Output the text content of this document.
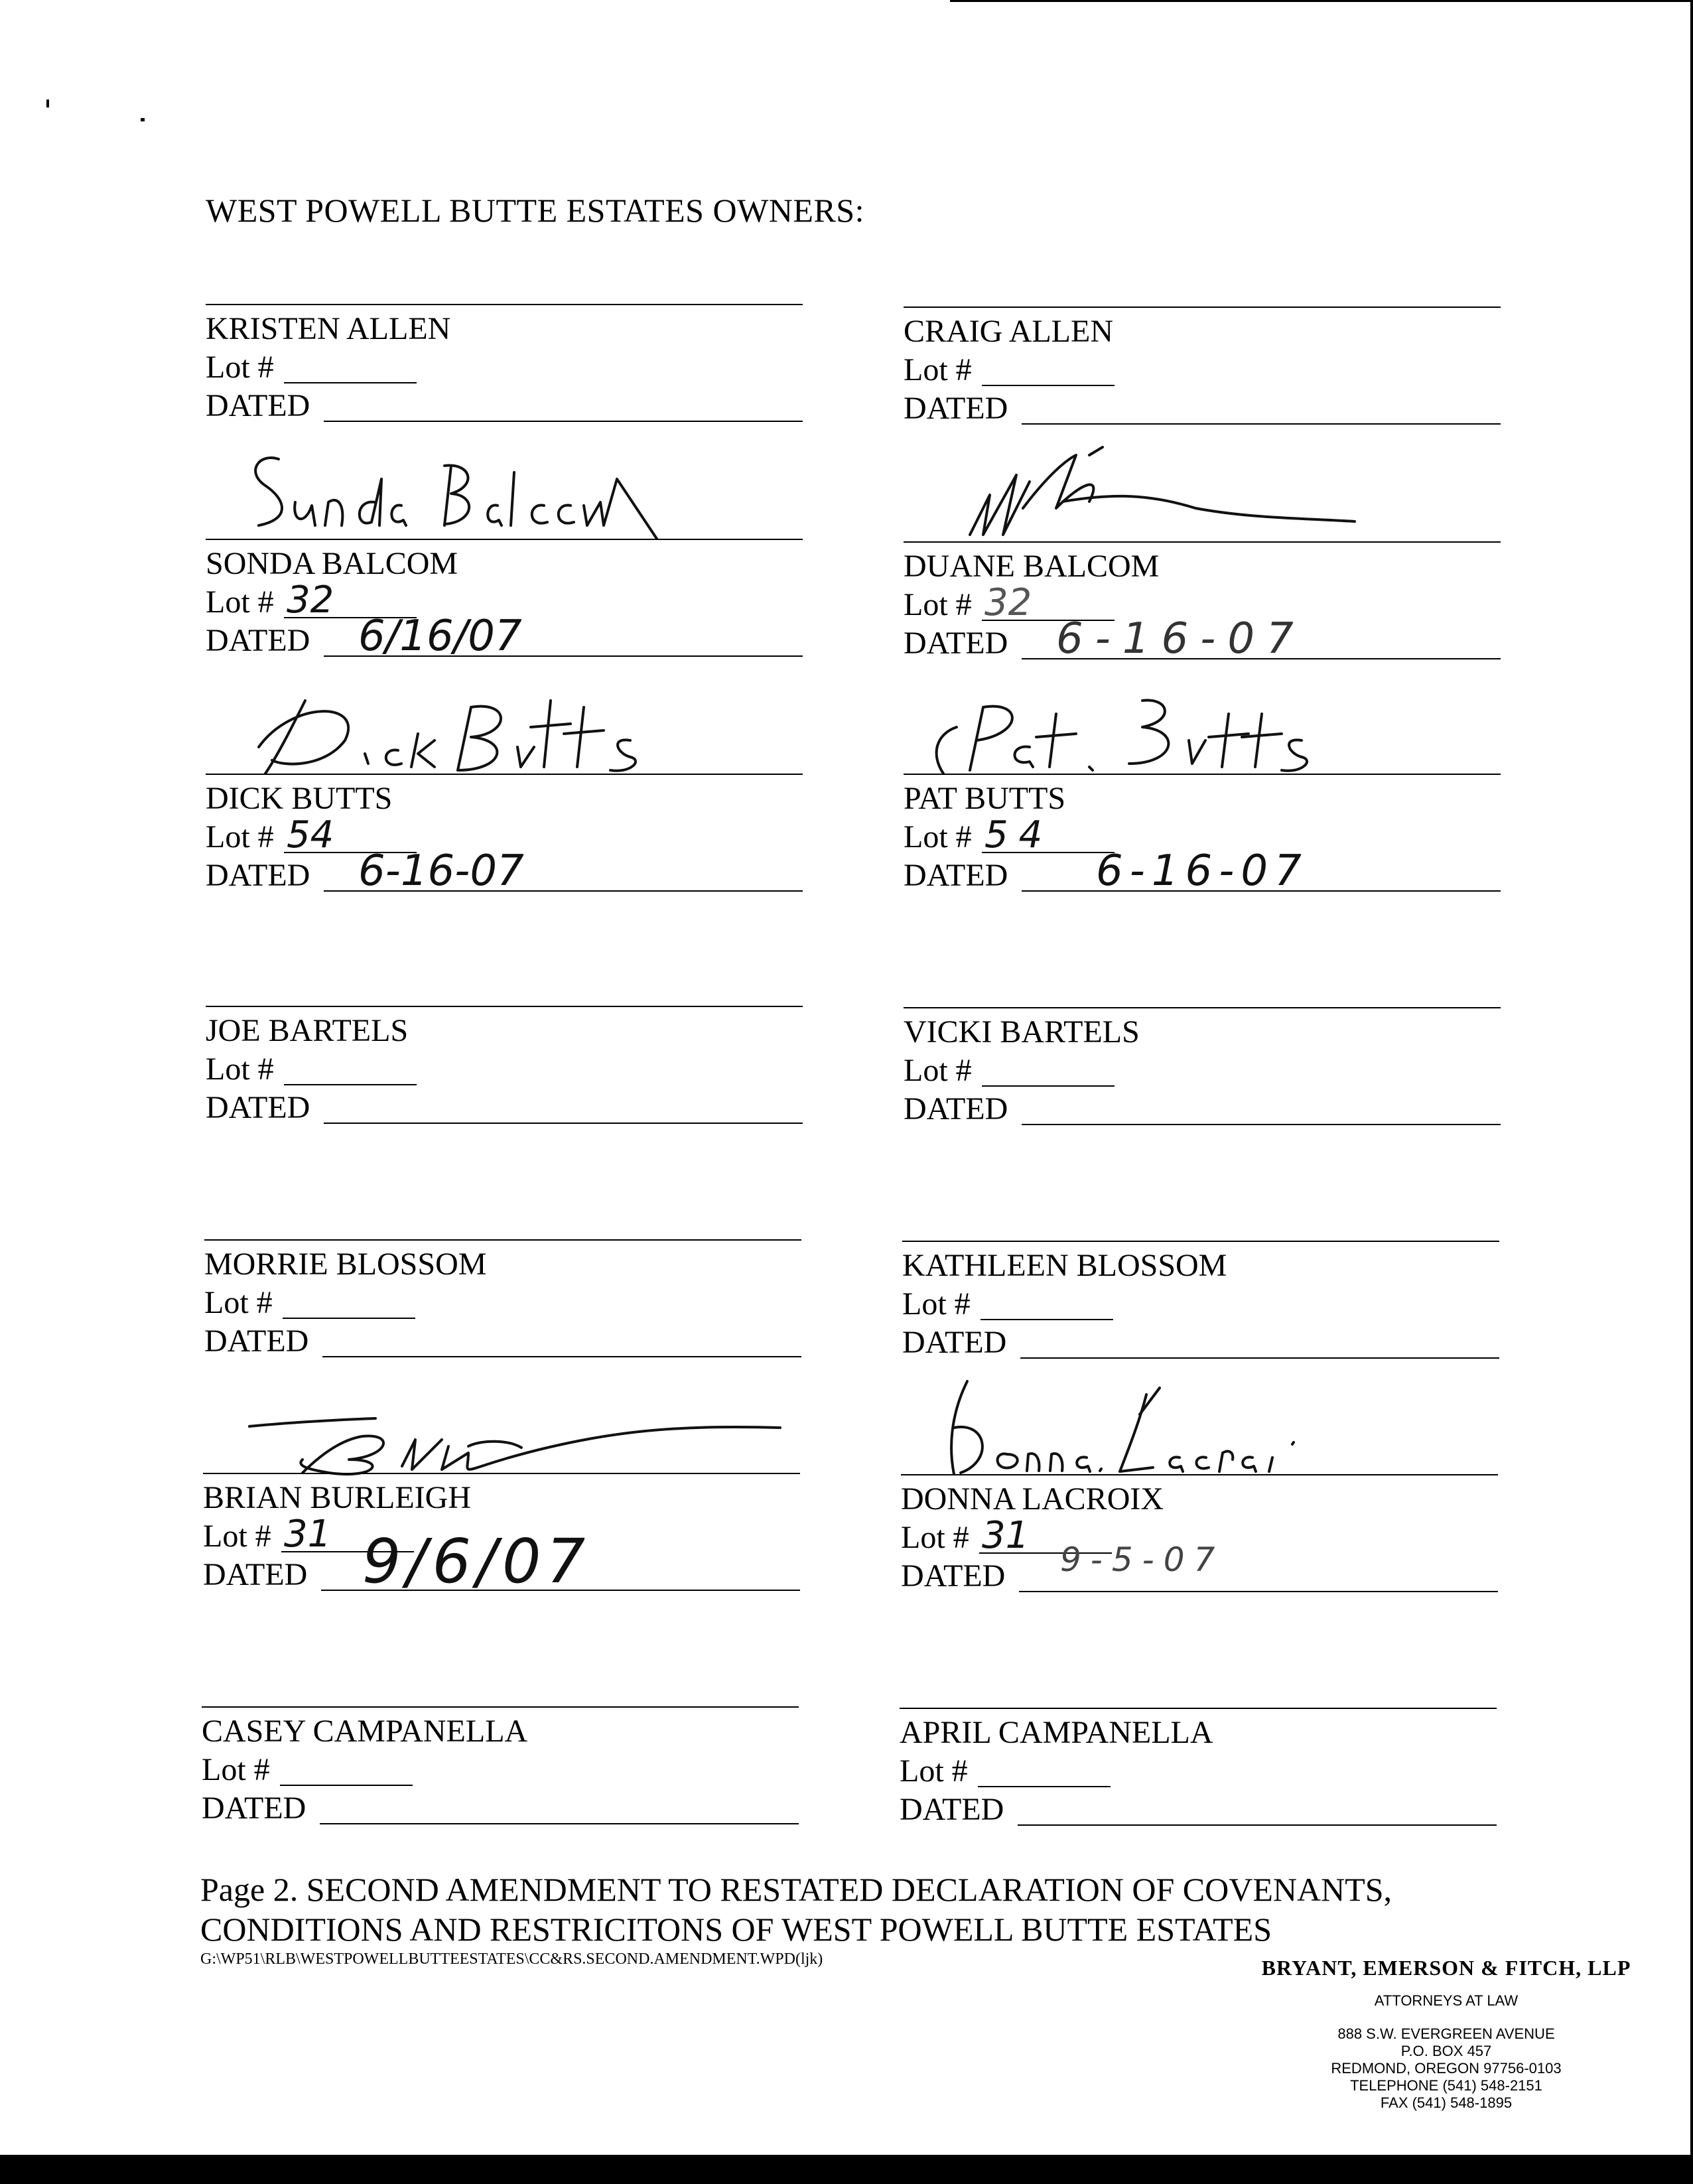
WEST POWELL BUTTE ESTATES OWNERS:
KRISTEN ALLEN
Lot #
DATED
CRAIG ALLEN
Lot #
DATED
SONDA BALCOM
Lot # 32
DATED 6/16/07
DUANE BALCOM
Lot # 32
DATED 6-16-07
DICK BUTTS
Lot # 54
DATED 6-16-07
PAT BUTTS
Lot # 54
DATED 6-16-07
JOE BARTELS
Lot #
DATED
VICKI BARTELS
Lot #
DATED
MORRIE BLOSSOM
Lot #
DATED
KATHLEEN BLOSSOM
Lot #
DATED
BRIAN BURLEIGH
Lot # 31
DATED 9/6/07
DONNA LACROIX
Lot # 31
DATED 9-5-07
CASEY CAMPANELLA
Lot #
DATED
APRIL CAMPANELLA
Lot #
DATED
Page 2. SECOND AMENDMENT TO RESTATED DECLARATION OF COVENANTS,
CONDITIONS AND RESTRICITONS OF WEST POWELL BUTTE ESTATES
G:\WP51\RLB\WESTPOWELLBUTTEESTATES\CC&RS.SECOND.AMENDMENT.WPD(ljk)	BRYANT, EMERSON & FITCH, LLP
ATTORNEYS AT LAW
888 S.W. EVERGREEN AVENUE
P.O. BOX 457
REDMOND, OREGON 97756-0103
TELEPHONE (541) 548-2151
FAX (541) 548-1895
